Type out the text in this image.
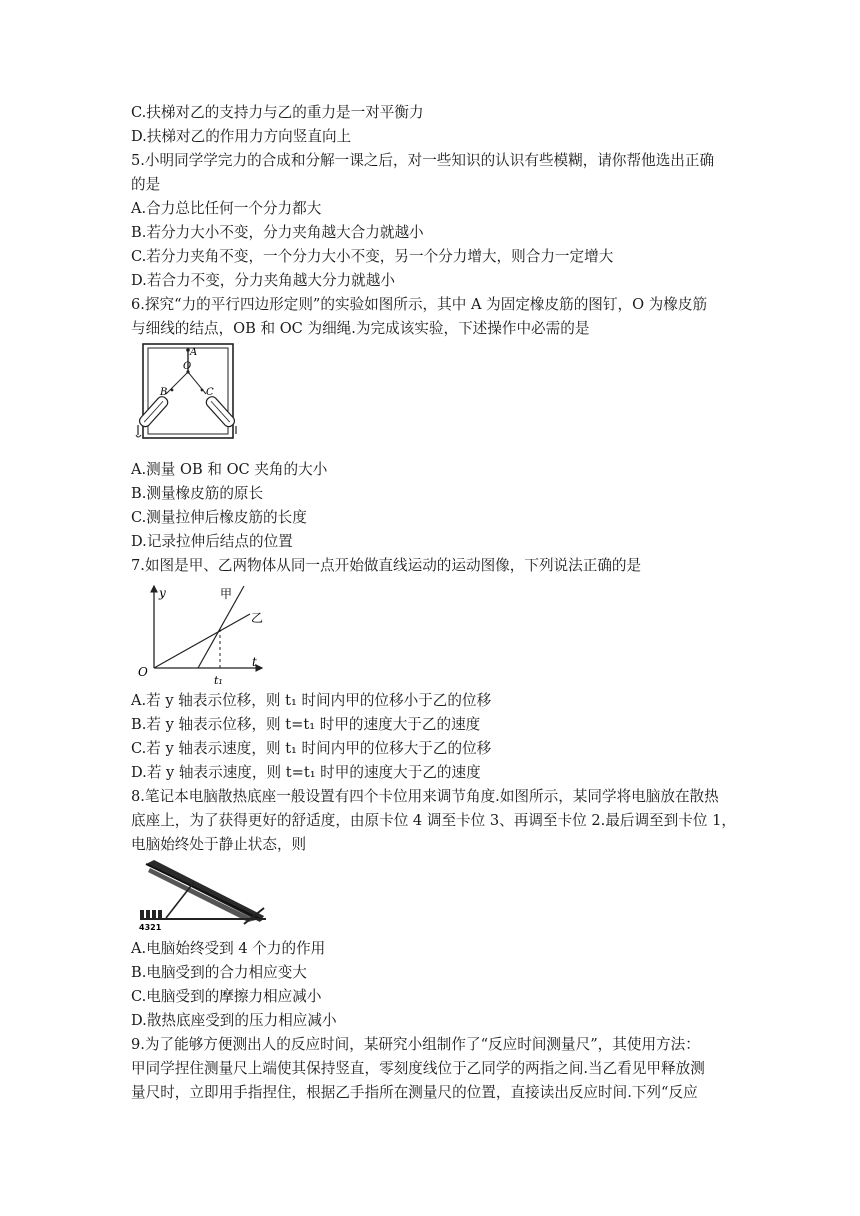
C.扶梯对乙的支持力与乙的重力是一对平衡力
D.扶梯对乙的作用力方向竖直向上
5.小明同学学完力的合成和分解一课之后，对一些知识的认识有些模糊，请你帮他选出正确
的是
A.合力总比任何一个分力都大
B.若分力大小不变，分力夹角越大合力就越小
C.若分力夹角不变，一个分力大小不变，另一个分力增大，则合力一定增大
D.若合力不变，分力夹角越大分力就越小
6.探究“力的平行四边形定则”的实验如图所示，其中 A 为固定橡皮筋的图钉，O 为橡皮筋
与细线的结点，OB 和 OC 为细绳.为完成该实验，下述操作中必需的是
A
O
B	C
A.测量 OB 和 OC 夹角的大小
B.测量橡皮筋的原长
C.测量拉伸后橡皮筋的长度
D.记录拉伸后结点的位置
7.如图是甲、乙两物体从同一点开始做直线运动的运动图像，下列说法正确的是
y
O
t
t₁
甲
乙
A.若 y 轴表示位移，则 t₁ 时间内甲的位移小于乙的位移
B.若 y 轴表示位移，则 t=t₁ 时甲的速度大于乙的速度
C.若 y 轴表示速度，则 t₁ 时间内甲的位移大于乙的位移
D.若 y 轴表示速度，则 t=t₁ 时甲的速度大于乙的速度
8.笔记本电脑散热底座一般设置有四个卡位用来调节角度.如图所示，某同学将电脑放在散热
底座上，为了获得更好的舒适度，由原卡位 4 调至卡位 3、再调至卡位 2.最后调至到卡位 1，
电脑始终处于静止状态，则
4321
A.电脑始终受到 4 个力的作用
B.电脑受到的合力相应变大
C.电脑受到的摩擦力相应减小
D.散热底座受到的压力相应减小
9.为了能够方便测出人的反应时间，某研究小组制作了“反应时间测量尺”，其使用方法：
甲同学捏住测量尺上端使其保持竖直，零刻度线位于乙同学的两指之间.当乙看见甲释放测
量尺时，立即用手指捏住，根据乙手指所在测量尺的位置，直接读出反应时间.下列“反应
